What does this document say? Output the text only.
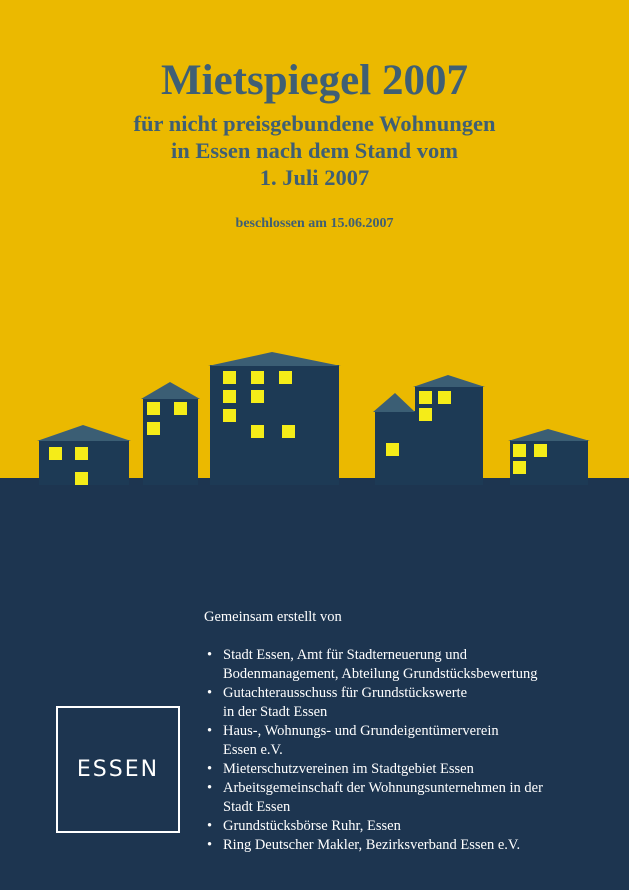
Mietspiegel 2007
für nicht preisgebundene Wohnungen
in Essen nach dem Stand vom
1. Juli 2007
beschlossen am 15.06.2007
ESSEN
Gemeinsam erstellt von
• Stadt Essen, Amt für Stadterneuerung und
Bodenmanagement, Abteilung Grundstücksbewertung
• Gutachterausschuss für Grundstückswerte
in der Stadt Essen
• Haus-, Wohnungs- und Grundeigentümerverein
Essen e.V.
• Mieterschutzvereinen im Stadtgebiet Essen
• Arbeitsgemeinschaft der Wohnungsunternehmen in der
Stadt Essen
• Grundstücksbörse Ruhr, Essen
• Ring Deutscher Makler, Bezirksverband Essen e.V.
